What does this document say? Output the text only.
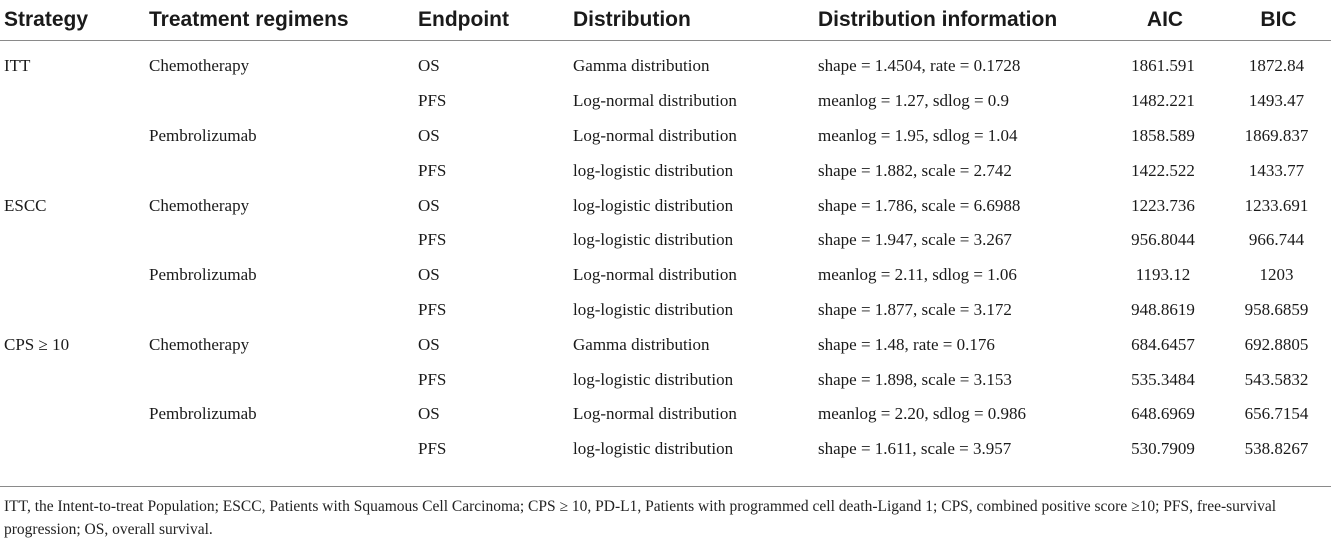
Strategy	Treatment regimens	Endpoint	Distribution	Distribution information	AIC	BIC
ITT	Chemotherapy	OS	Gamma distribution	shape = 1.4504, rate = 0.1728	1861.591	1872.84
		PFS	Log-normal distribution	meanlog = 1.27, sdlog = 0.9	1482.221	1493.47
	Pembrolizumab	OS	Log-normal distribution	meanlog = 1.95, sdlog = 1.04	1858.589	1869.837
		PFS	log-logistic distribution	shape = 1.882, scale = 2.742	1422.522	1433.77
ESCC	Chemotherapy	OS	log-logistic distribution	shape = 1.786, scale = 6.6988	1223.736	1233.691
		PFS	log-logistic distribution	shape = 1.947, scale = 3.267	956.8044	966.744
	Pembrolizumab	OS	Log-normal distribution	meanlog = 2.11, sdlog = 1.06	1193.12	1203
		PFS	log-logistic distribution	shape = 1.877, scale = 3.172	948.8619	958.6859
CPS ≥ 10	Chemotherapy	OS	Gamma distribution	shape = 1.48, rate = 0.176	684.6457	692.8805
		PFS	log-logistic distribution	shape = 1.898, scale = 3.153	535.3484	543.5832
	Pembrolizumab	OS	Log-normal distribution	meanlog = 2.20, sdlog = 0.986	648.6969	656.7154
		PFS	log-logistic distribution	shape = 1.611, scale = 3.957	530.7909	538.8267
ITT, the Intent-to-treat Population; ESCC, Patients with Squamous Cell Carcinoma; CPS ≥ 10, PD-L1, Patients with programmed cell death-Ligand 1; CPS, combined positive score ≥10; PFS, free-survival progression; OS, overall survival.
